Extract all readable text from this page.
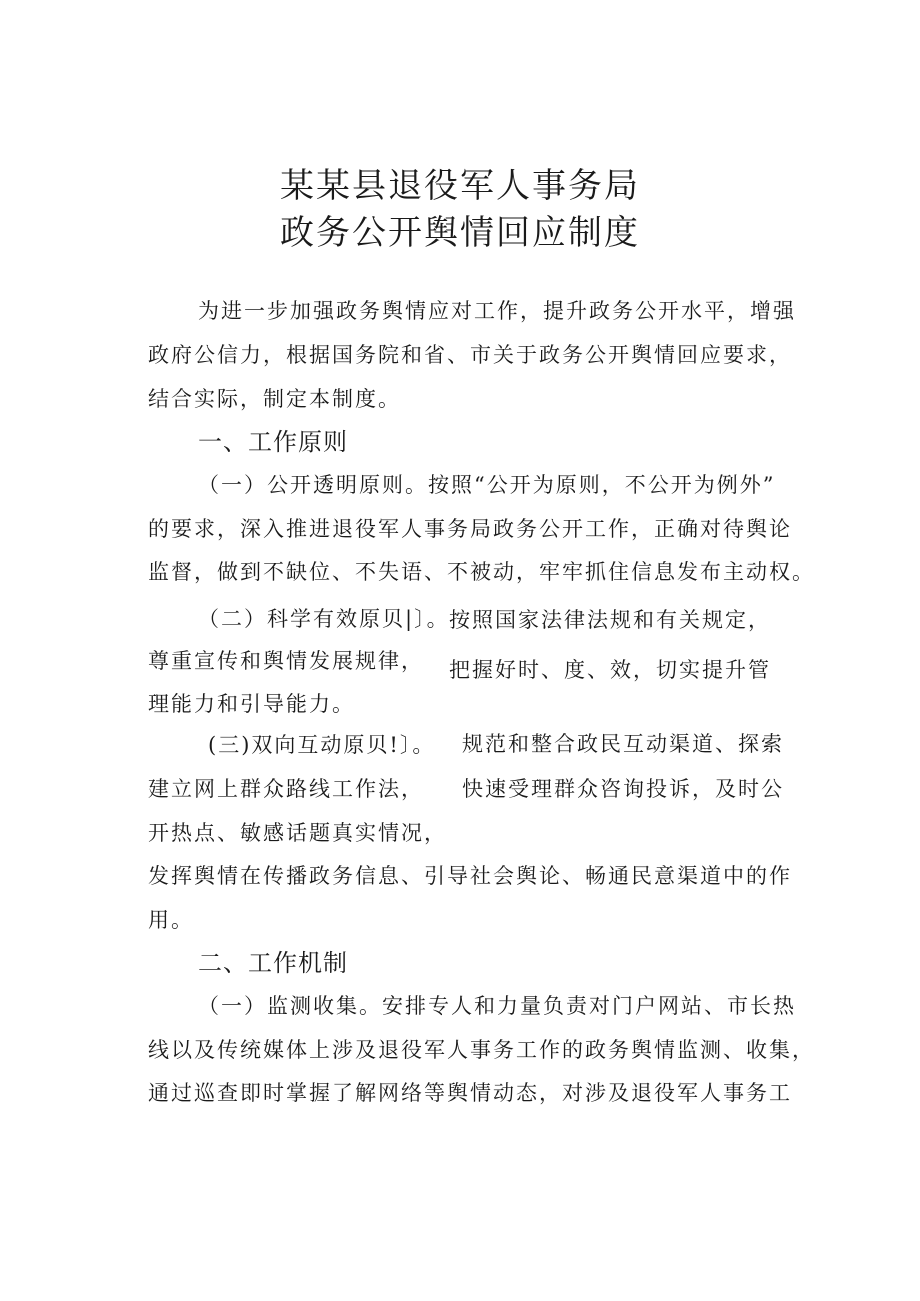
某某县退役军人事务局
政务公开舆情回应制度
为进一步加强政务舆情应对工作，提升政务公开水平，增强
政府公信力，根据国务院和省、市关于政务公开舆情回应要求，
结合实际，制定本制度。
一、工作原则
（一）公开透明原则。按照“公开为原则，不公开为例外”
的要求，深入推进退役军人事务局政务公开工作，正确对待舆论
监督，做到不缺位、不失语、不被动，牢牢抓住信息发布主动权。
（二）科学有效原贝|〕。 按照国家法律法规和有关规定，
尊重宣传和舆情发展规律， 把握好时、度、效，切实提升管
理能力和引导能力。
(三)双向互动原贝!〕。 规范和整合政民互动渠道、探索
建立网上群众路线工作法， 快速受理群众咨询投诉，及时公
开热点、敏感话题真实情况，
发挥舆情在传播政务信息、引导社会舆论、畅通民意渠道中的作
用。
二、工作机制
（一）监测收集。安排专人和力量负责对门户网站、市长热
线以及传统媒体上涉及退役军人事务工作的政务舆情监测、收集，
通过巡查即时掌握了解网络等舆情动态，对涉及退役军人事务工
